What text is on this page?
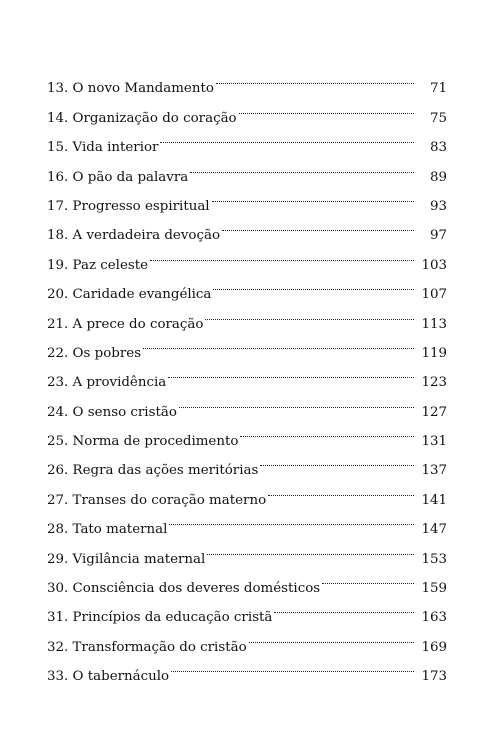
13. O novo Mandamento	71
14. Organização do coração	75
15. Vida interior	83
16. O pão da palavra	89
17. Progresso espiritual	93
18. A verdadeira devoção	97
19. Paz celeste	103
20. Caridade evangélica	107
21. A prece do coração	113
22. Os pobres	119
23. A providência	123
24. O senso cristão	127
25. Norma de procedimento	131
26. Regra das ações meritórias	137
27. Transes do coração materno	141
28. Tato maternal	147
29. Vigilância maternal	153
30. Consciência dos deveres domésticos	159
31. Princípios da educação cristã	163
32. Transformação do cristão	169
33. O tabernáculo	173
